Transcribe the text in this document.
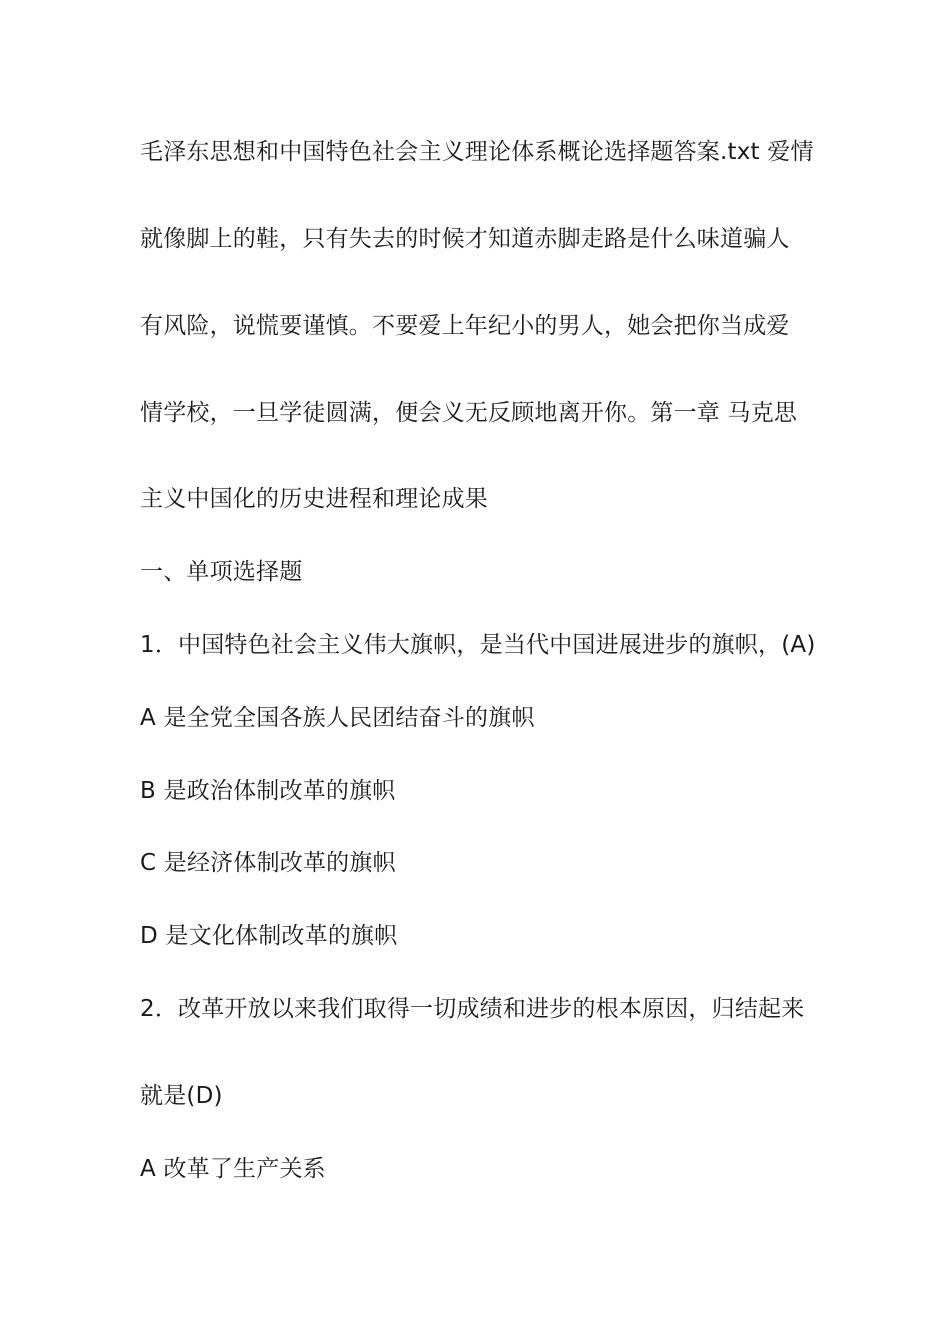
毛泽东思想和中国特色社会主义理论体系概论选择题答案.txt 爱情
就像脚上的鞋，只有失去的时候才知道赤脚走路是什么味道骗人
有风险，说慌要谨慎。不要爱上年纪小的男人，她会把你当成爱
情学校，一旦学徒圆满，便会义无反顾地离开你。第一章 马克思
主义中国化的历史进程和理论成果
一、单项选择题
1．中国特色社会主义伟大旗帜，是当代中国进展进步的旗帜，(A)
A 是全党全国各族人民团结奋斗的旗帜
B 是政治体制改革的旗帜
C 是经济体制改革的旗帜
D 是文化体制改革的旗帜
2．改革开放以来我们取得一切成绩和进步的根本原因，归结起来
就是(D)
A 改革了生产关系
